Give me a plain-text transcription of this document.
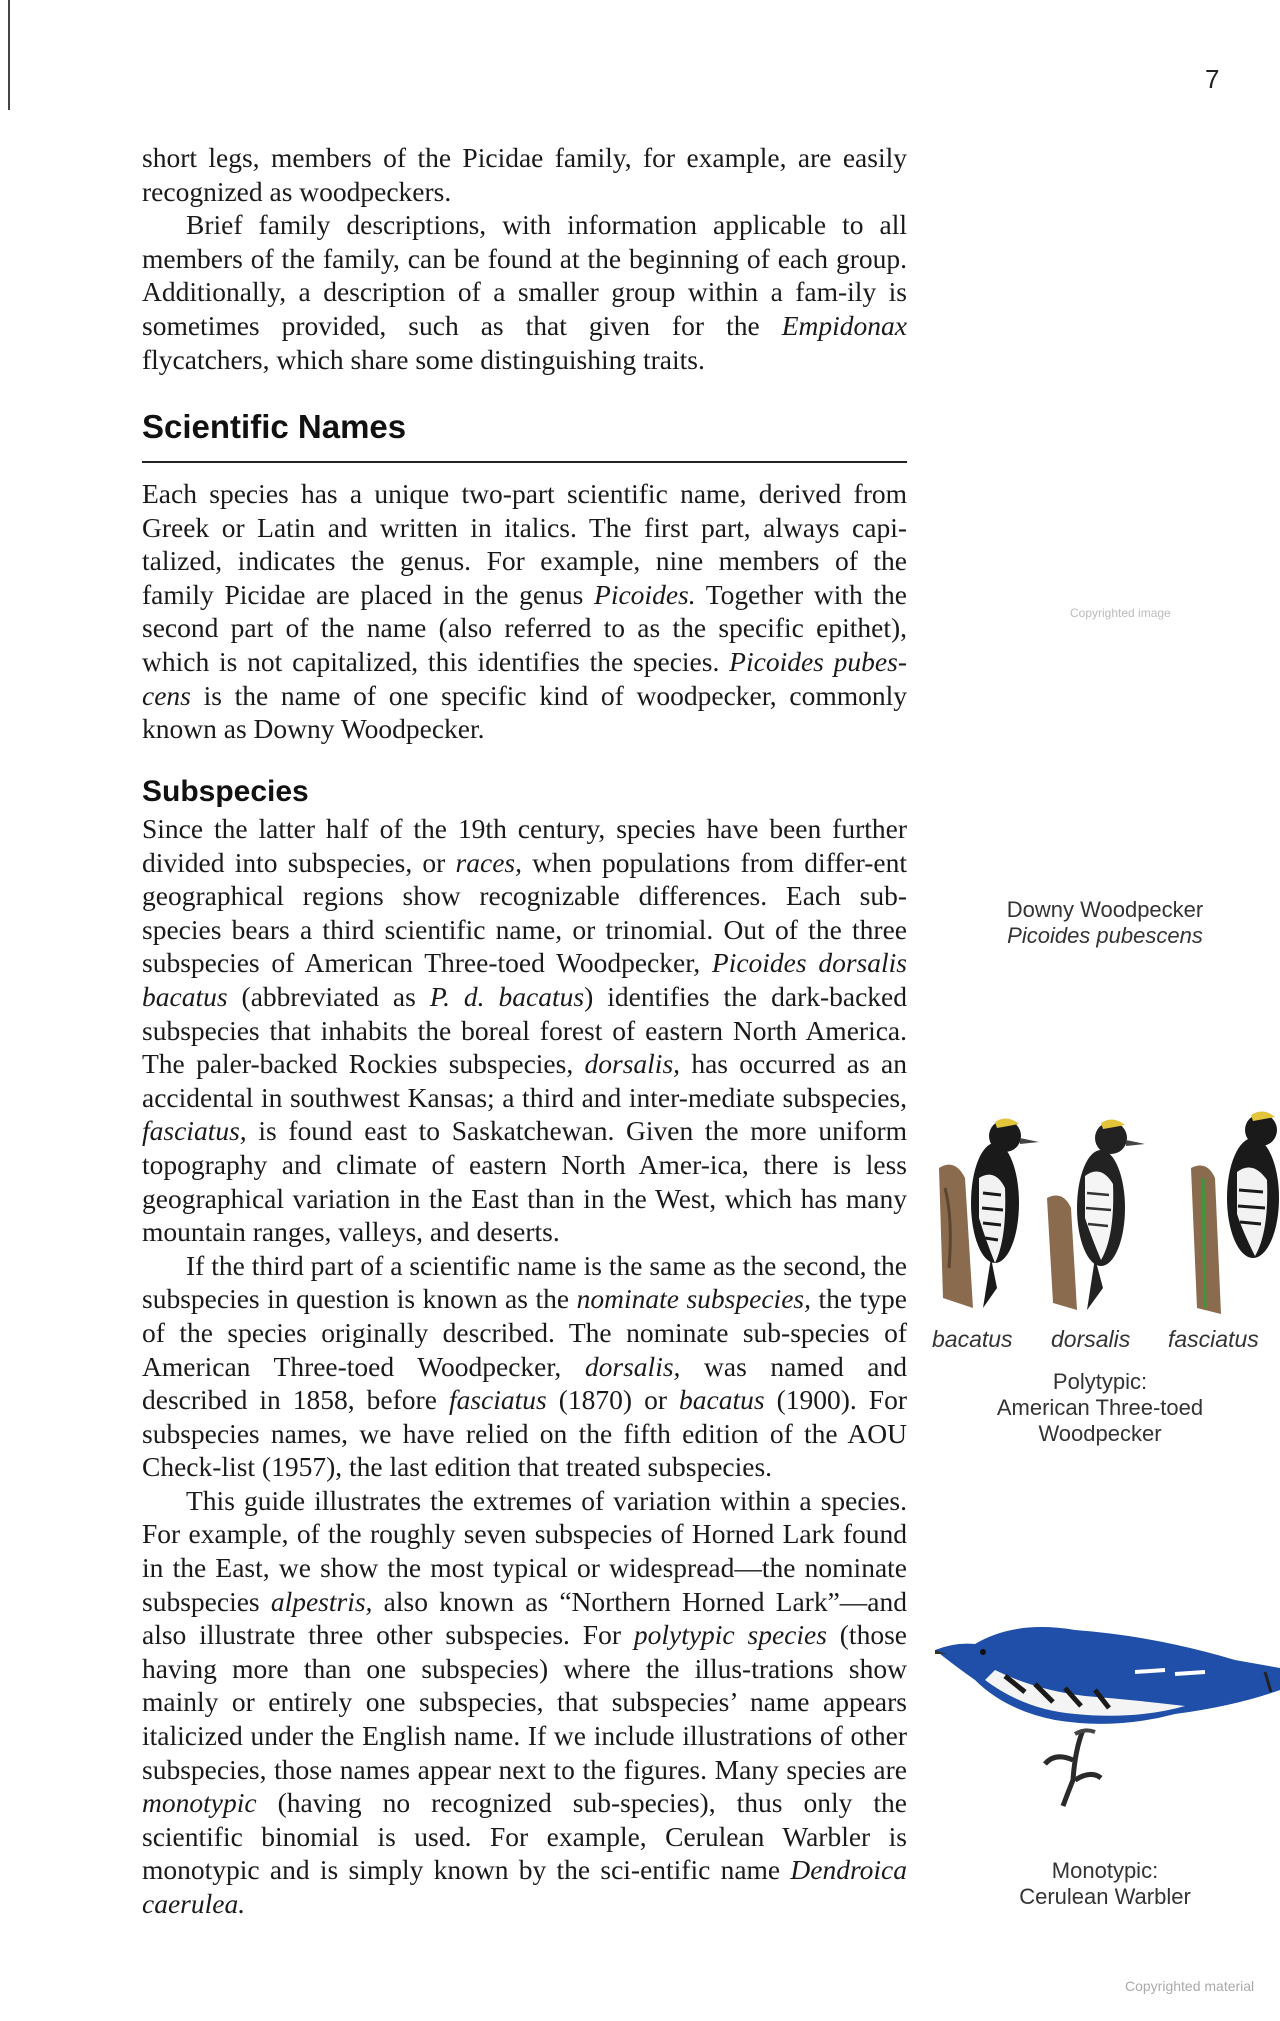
7

short legs, members of the Picidae family, for example, are easily recognized as woodpeckers.

Brief family descriptions, with information applicable to all members of the family, can be found at the beginning of each group. Additionally, a description of a smaller group within a fam-ily is sometimes provided, such as that given for the Empidonax flycatchers, which share some distinguishing traits.

Scientific Names

Each species has a unique two-part scientific name, derived from Greek or Latin and written in italics. The first part, always capi-talized, indicates the genus. For example, nine members of the family Picidae are placed in the genus Picoides. Together with the second part of the name (also referred to as the specific epithet), which is not capitalized, this identifies the species. Picoides pubes-cens is the name of one specific kind of woodpecker, commonly known as Downy Woodpecker.

Subspecies

Since the latter half of the 19th century, species have been further divided into subspecies, or races, when populations from differ-ent geographical regions show recognizable differences. Each sub-species bears a third scientific name, or trinomial. Out of the three subspecies of American Three-toed Woodpecker, Picoides dorsalis bacatus (abbreviated as P. d. bacatus) identifies the dark-backed subspecies that inhabits the boreal forest of eastern North America. The paler-backed Rockies subspecies, dorsalis, has occurred as an accidental in southwest Kansas; a third and inter-mediate subspecies, fasciatus, is found east to Saskatchewan. Given the more uniform topography and climate of eastern North Amer-ica, there is less geographical variation in the East than in the West, which has many mountain ranges, valleys, and deserts.

If the third part of a scientific name is the same as the second, the subspecies in question is known as the nominate subspecies, the type of the species originally described. The nominate sub-species of American Three-toed Woodpecker, dorsalis, was named and described in 1858, before fasciatus (1870) or bacatus (1900). For subspecies names, we have relied on the fifth edition of the AOU Check-list (1957), the last edition that treated subspecies.

This guide illustrates the extremes of variation within a species. For example, of the roughly seven subspecies of Horned Lark found in the East, we show the most typical or widespread—the nominate subspecies alpestris, also known as “Northern Horned Lark”—and also illustrate three other subspecies. For polytypic species (those having more than one subspecies) where the illus-trations show mainly or entirely one subspecies, that subspecies’ name appears italicized under the English name. If we include illustrations of other subspecies, those names appear next to the figures. Many species are monotypic (having no recognized sub-species), thus only the scientific binomial is used. For example, Cerulean Warbler is monotypic and is simply known by the sci-entific name Dendroica caerulea.

Copyrighted image
Downy Woodpecker
Picoides pubescens
bacatus dorsalis fasciatus
Polytypic:
American Three-toed
Woodpecker
Monotypic:
Cerulean Warbler
Copyrighted material
